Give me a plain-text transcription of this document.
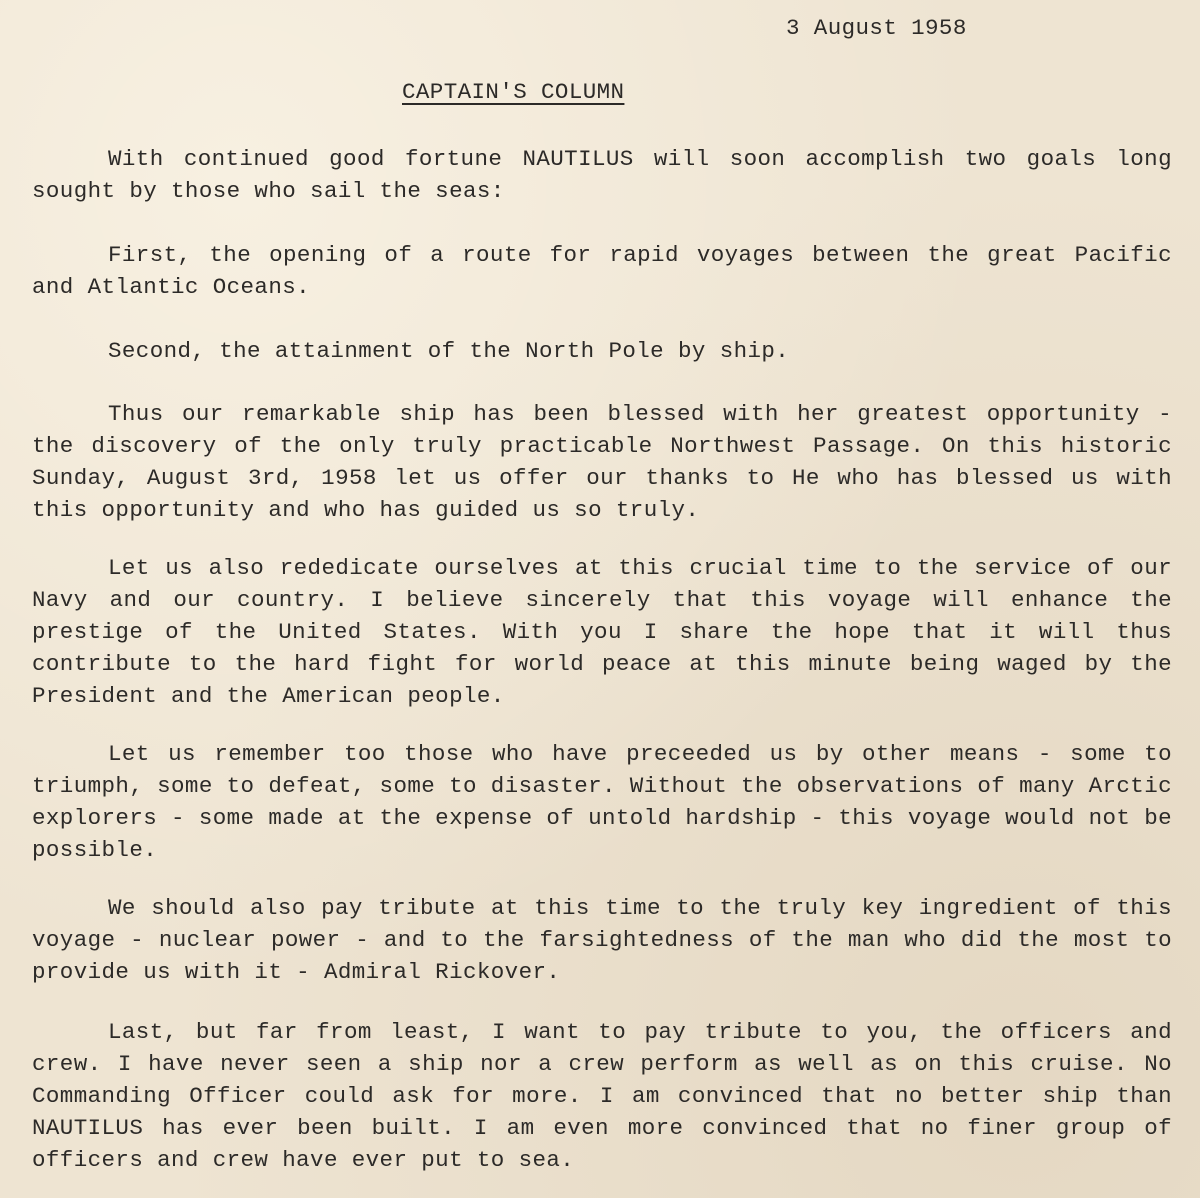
3 August 1958
CAPTAIN'S COLUMN

With continued good fortune NAUTILUS will soon accomplish two goals long sought by those who sail the seas:

First, the opening of a route for rapid voyages between the great Pacific and Atlantic Oceans.

Second, the attainment of the North Pole by ship.

Thus our remarkable ship has been blessed with her greatest opportunity - the discovery of the only truly practicable Northwest Passage. On this historic Sunday, August 3rd, 1958 let us offer our thanks to He who has blessed us with this opportunity and who has guided us so truly.

Let us also rededicate ourselves at this crucial time to the service of our Navy and our country. I believe sincerely that this voyage will enhance the prestige of the United States. With you I share the hope that it will thus contribute to the hard fight for world peace at this minute being waged by the President and the American people.

Let us remember too those who have preceeded us by other means - some to triumph, some to defeat, some to disaster. Without the observations of many Arctic explorers - some made at the expense of untold hardship - this voyage would not be possible.

We should also pay tribute at this time to the truly key ingredient of this voyage - nuclear power - and to the farsightedness of the man who did the most to provide us with it - Admiral Rickover.

Last, but far from least, I want to pay tribute to you, the officers and crew. I have never seen a ship nor a crew perform as well as on this cruise. No Commanding Officer could ask for more. I am convinced that no better ship than NAUTILUS has ever been built. I am even more convinced that no finer group of officers and crew have ever put to sea.
